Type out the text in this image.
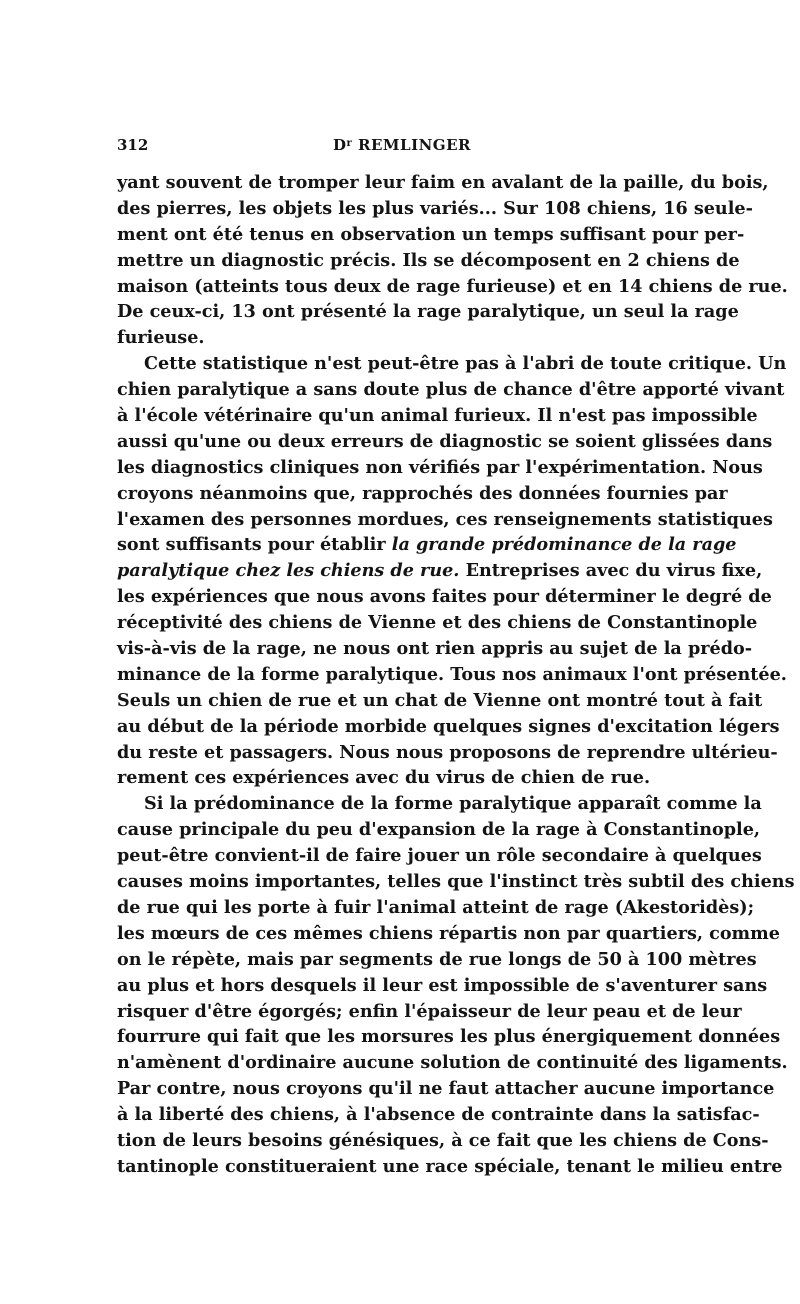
312	$D^r$ REMLINGER
yant souvent de tromper leur faim en avalant de la paille, du bois,
des pierres, les objets les plus variés... Sur 108 chiens, 16 seule-
ment ont été tenus en observation un temps suffisant pour per-
mettre un diagnostic précis. Ils se décomposent en 2 chiens de
maison (atteints tous deux de rage furieuse) et en 14 chiens de rue.
De ceux-ci, 13 ont présenté la rage paralytique, un seul la rage
furieuse.
Cette statistique n'est peut-être pas à l'abri de toute critique. Un
chien paralytique a sans doute plus de chance d'être apporté vivant
à l'école vétérinaire qu'un animal furieux. Il n'est pas impossible
aussi qu'une ou deux erreurs de diagnostic se soient glissées dans
les diagnostics cliniques non vérifiés par l'expérimentation. Nous
croyons néanmoins que, rapprochés des données fournies par
l'examen des personnes mordues, ces renseignements statistiques
sont suffisants pour établir la grande prédominance de la rage
paralytique chez les chiens de rue. Entreprises avec du virus fixe,
les expériences que nous avons faites pour déterminer le degré de
réceptivité des chiens de Vienne et des chiens de Constantinople
vis-à-vis de la rage, ne nous ont rien appris au sujet de la prédo-
minance de la forme paralytique. Tous nos animaux l'ont présentée.
Seuls un chien de rue et un chat de Vienne ont montré tout à fait
au début de la période morbide quelques signes d'excitation légers
du reste et passagers. Nous nous proposons de reprendre ultérieu-
rement ces expériences avec du virus de chien de rue.
Si la prédominance de la forme paralytique apparaît comme la
cause principale du peu d'expansion de la rage à Constantinople,
peut-être convient-il de faire jouer un rôle secondaire à quelques
causes moins importantes, telles que l'instinct très subtil des chiens
de rue qui les porte à fuir l'animal atteint de rage (Akestoridès);
les mœurs de ces mêmes chiens répartis non par quartiers, comme
on le répète, mais par segments de rue longs de 50 à 100 mètres
au plus et hors desquels il leur est impossible de s'aventurer sans
risquer d'être égorgés; enfin l'épaisseur de leur peau et de leur
fourrure qui fait que les morsures les plus énergiquement données
n'amènent d'ordinaire aucune solution de continuité des ligaments.
Par contre, nous croyons qu'il ne faut attacher aucune importance
à la liberté des chiens, à l'absence de contrainte dans la satisfac-
tion de leurs besoins génésiques, à ce fait que les chiens de Cons-
tantinople constitueraient une race spéciale, tenant le milieu entre
